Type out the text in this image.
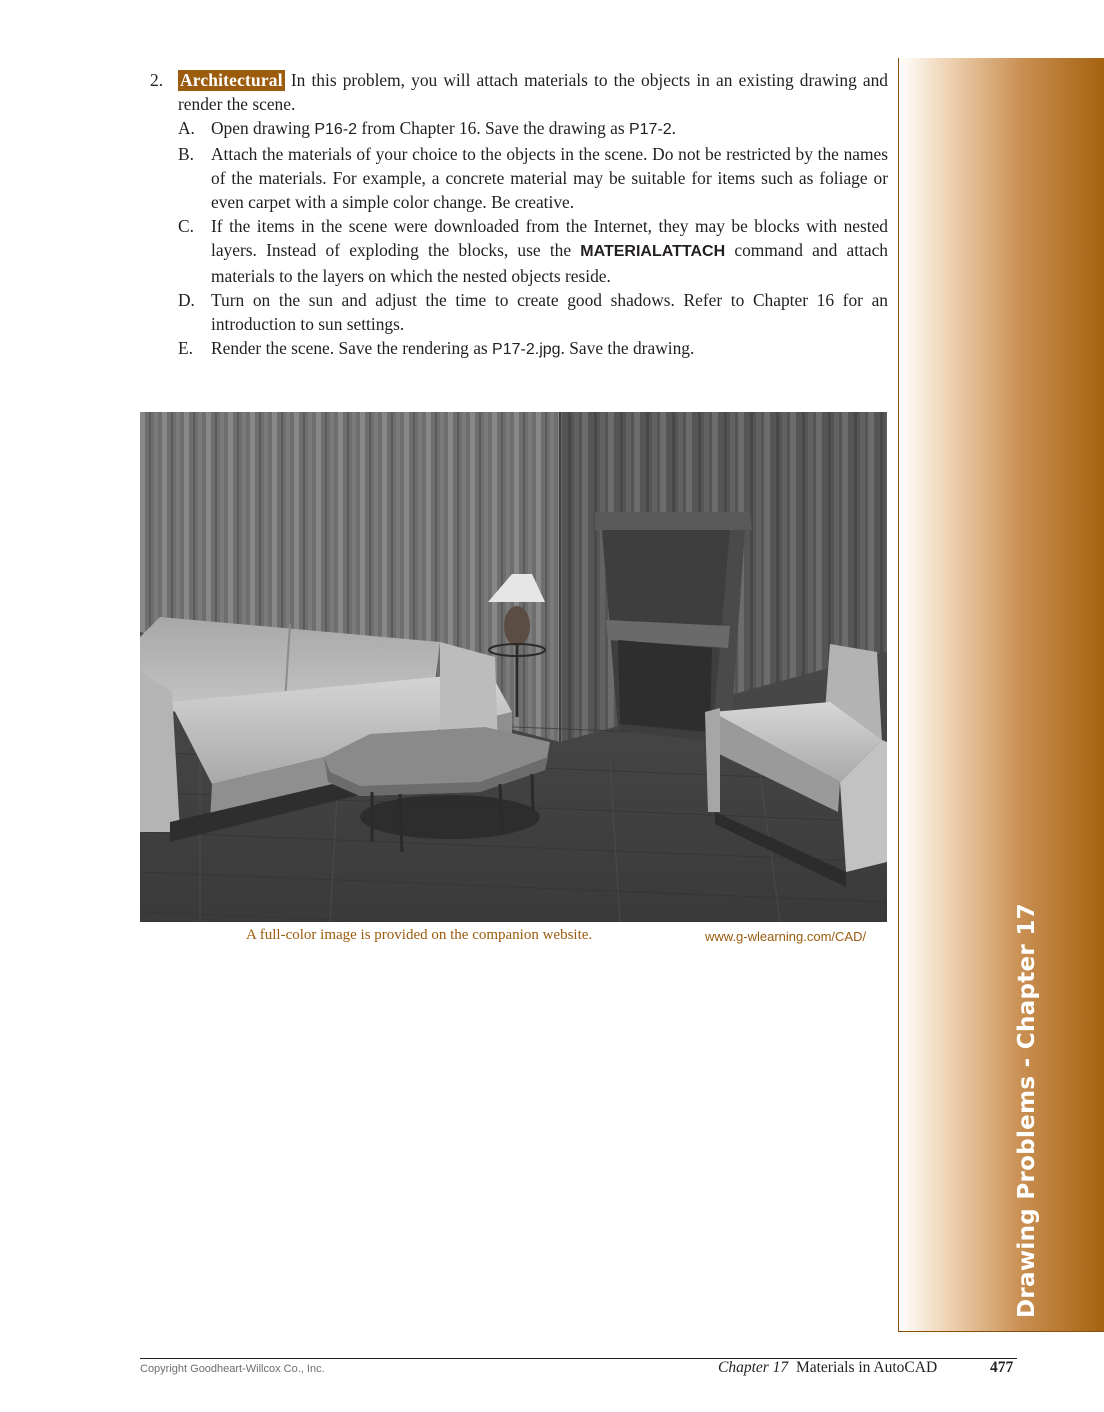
2. Architectural In this problem, you will attach materials to the objects in an existing drawing and render the scene.
A. Open drawing P16-2 from Chapter 16. Save the drawing as P17-2.
B. Attach the materials of your choice to the objects in the scene. Do not be restricted by the names of the materials. For example, a concrete material may be suitable for items such as foliage or even carpet with a simple color change. Be creative.
C. If the items in the scene were downloaded from the Internet, they may be blocks with nested layers. Instead of exploding the blocks, use the MATERIALATTACH command and attach materials to the layers on which the nested objects reside.
D. Turn on the sun and adjust the time to create good shadows. Refer to Chapter 16 for an introduction to sun settings.
E. Render the scene. Save the rendering as P17-2.jpg. Save the drawing.
A full-color image is provided on the companion website.	www.g-wlearning.com/CAD/	Drawing Problems - Chapter 17
Copyright Goodheart-Willcox Co., Inc.	Chapter 17 Materials in AutoCAD	477
